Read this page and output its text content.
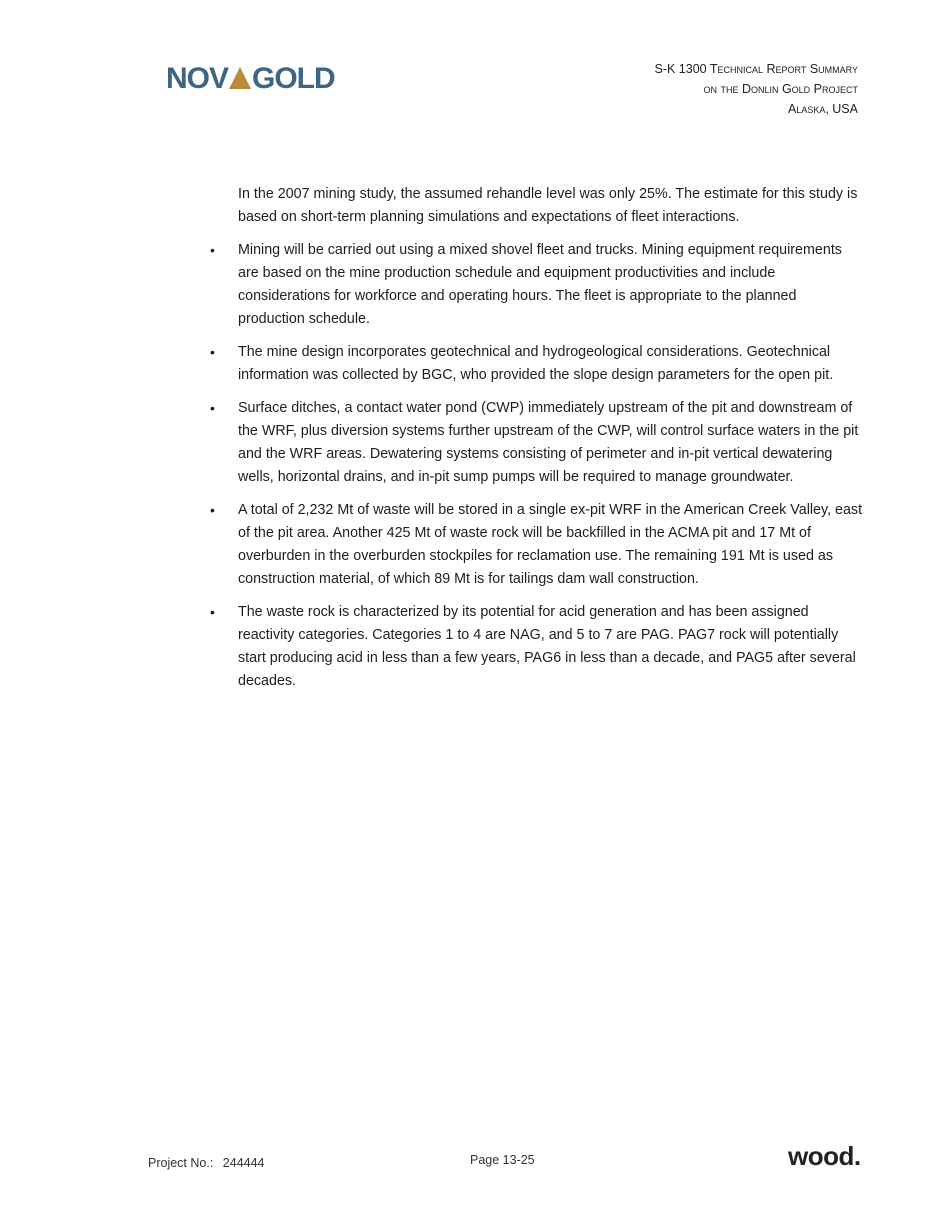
NOV GOLD	S-K 1300 Technical Report Summary
on the Donlin Gold Project
Alaska, USA

In the 2007 mining study, the assumed rehandle level was only 25%. The estimate for this study is based on short-term planning simulations and expectations of fleet interactions.

• Mining will be carried out using a mixed shovel fleet and trucks. Mining equipment requirements are based on the mine production schedule and equipment productivities and include considerations for workforce and operating hours. The fleet is appropriate to the planned production schedule.
• The mine design incorporates geotechnical and hydrogeological considerations. Geotechnical information was collected by BGC, who provided the slope design parameters for the open pit.
• Surface ditches, a contact water pond (CWP) immediately upstream of the pit and downstream of the WRF, plus diversion systems further upstream of the CWP, will control surface waters in the pit and the WRF areas. Dewatering systems consisting of perimeter and in-pit vertical dewatering wells, horizontal drains, and in-pit sump pumps will be required to manage groundwater.
• A total of 2,232 Mt of waste will be stored in a single ex-pit WRF in the American Creek Valley, east of the pit area. Another 425 Mt of waste rock will be backfilled in the ACMA pit and 17 Mt of overburden in the overburden stockpiles for reclamation use. The remaining 191 Mt is used as construction material, of which 89 Mt is for tailings dam wall construction.
• The waste rock is characterized by its potential for acid generation and has been assigned reactivity categories. Categories 1 to 4 are NAG, and 5 to 7 are PAG. PAG7 rock will potentially start producing acid in less than a few years, PAG6 in less than a decade, and PAG5 after several decades.
Project No.: 244444	Page 13-25	wood.
